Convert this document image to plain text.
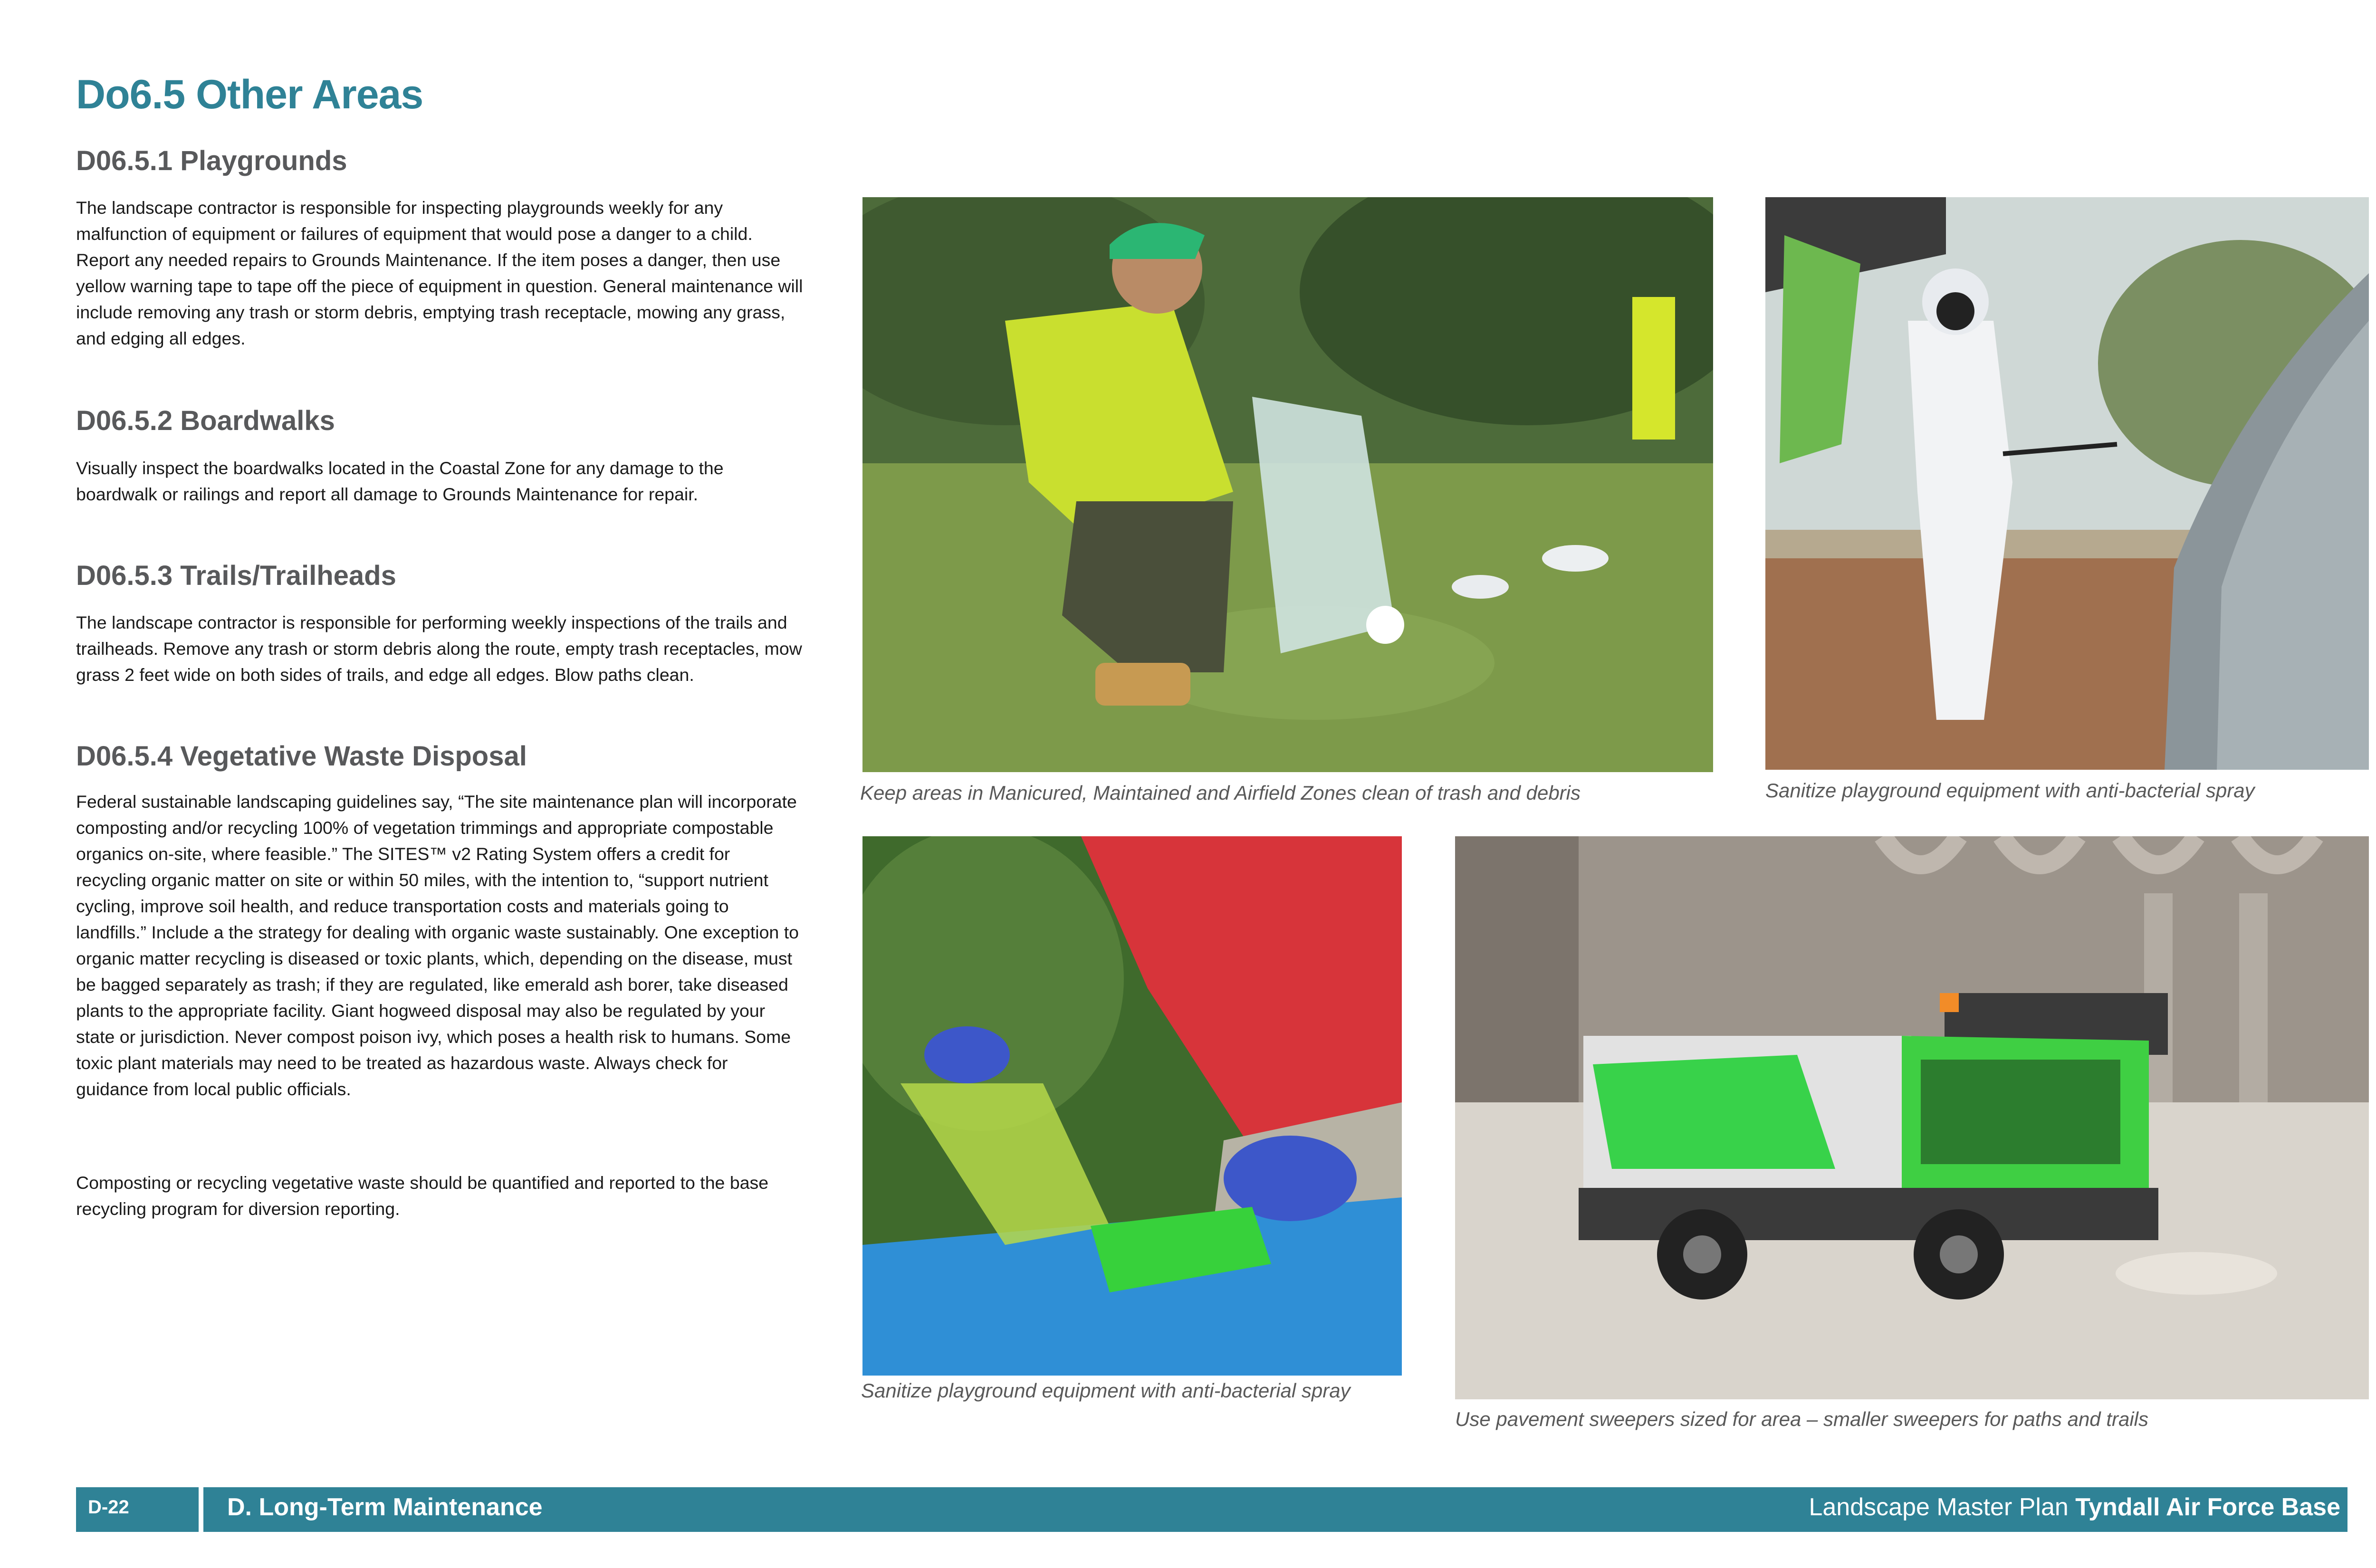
Do6.5 Other Areas
D06.5.1 Playgrounds
The landscape contractor is responsible for inspecting playgrounds weekly for any malfunction of equipment or failures of equipment that would pose a danger to a child. Report any needed repairs to Grounds Maintenance. If the item poses a danger, then use yellow warning tape to tape off the piece of equipment in question. General maintenance will include removing any trash or storm debris, emptying trash receptacle, mowing any grass, and edging all edges.
D06.5.2 Boardwalks
Visually inspect the boardwalks located in the Coastal Zone for any damage to the boardwalk or railings and report all damage to Grounds Maintenance for repair.
D06.5.3 Trails/Trailheads
The landscape contractor is responsible for performing weekly inspections of the trails and trailheads. Remove any trash or storm debris along the route, empty trash receptacles, mow grass 2 feet wide on both sides of trails, and edge all edges. Blow paths clean.
D06.5.4 Vegetative Waste Disposal
Federal sustainable landscaping guidelines say, “The site maintenance plan will incorporate composting and/or recycling 100% of vegetation trimmings and appropriate compostable organics on-site, where feasible.” The SITES™ v2 Rating System offers a credit for recycling organic matter on site or within 50 miles, with the intention to, “support nutrient cycling, improve soil health, and reduce transportation costs and materials going to landfills.” Include a the strategy for dealing with organic waste sustainably. One exception to organic matter recycling is diseased or toxic plants, which, depending on the disease, must be bagged separately as trash; if they are regulated, like emerald ash borer, take diseased plants to the appropriate facility. Giant hogweed disposal may also be regulated by your state or jurisdiction. Never compost poison ivy, which poses a health risk to humans. Some toxic plant materials may need to be treated as hazardous waste. Always check for guidance from local public officials.
Composting or recycling vegetative waste should be quantified and reported to the base recycling program for diversion reporting.
Keep areas in Manicured, Maintained and Airfield Zones clean of trash and debris	Sanitize playground equipment with anti-bacterial spray
Sanitize playground equipment with anti-bacterial spray
Use pavement sweepers sized for area – smaller sweepers for paths and trails
D-22	D. Long-Term Maintenance	Landscape Master Plan Tyndall Air Force Base
